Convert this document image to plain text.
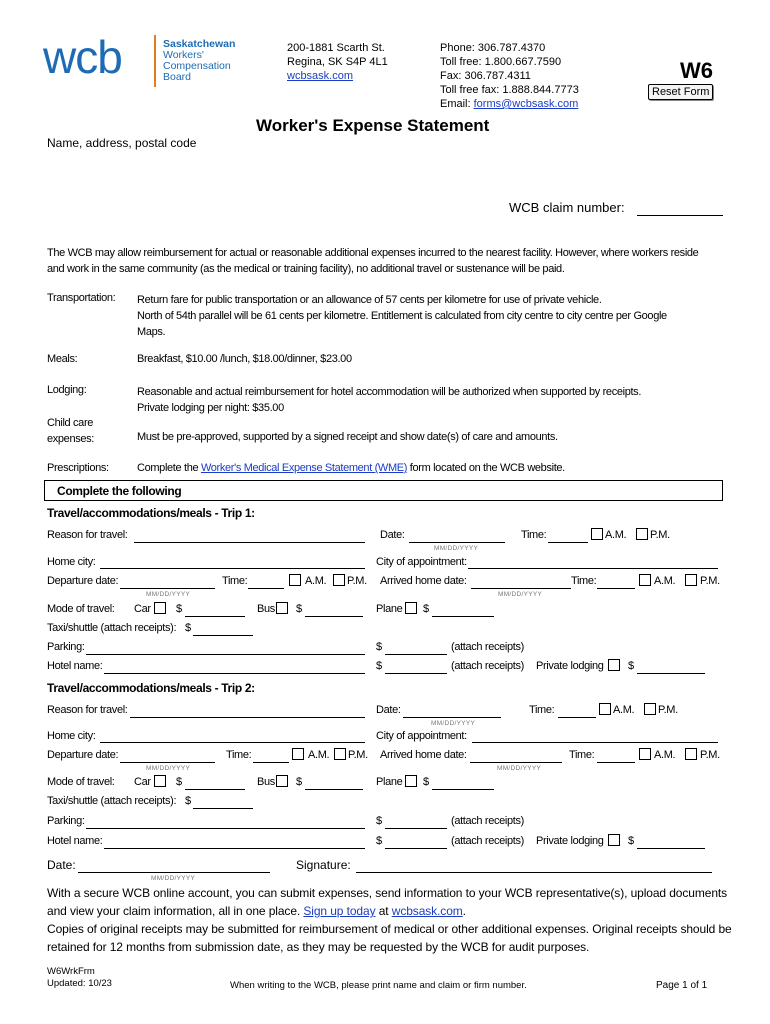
wcb	Saskatchewan
Workers'
Compensation
Board
200-1881 Scarth St.
Regina, SK S4P 4L1
wcbsask.com
Phone: 306.787.4370
Toll free: 1.800.667.7590
Fax: 306.787.4311
Toll free fax: 1.888.844.7773
Email: forms@wcbsask.com
W6
Reset Form
Worker's Expense Statement
Name, address, postal code
WCB claim number:
The WCB may allow reimbursement for actual or reasonable additional expenses incurred to the nearest facility. However, where workers reside
and work in the same community (as the medical or training facility), no additional travel or sustenance will be paid.
Transportation: Return fare for public transportation or an allowance of 57 cents per kilometre for use of private vehicle.
North of 54th parallel will be 61 cents per kilometre. Entitlement is calculated from city centre to city centre per Google
Maps.
Meals:	Breakfast, $10.00 /lunch, $18.00/dinner, $23.00
Lodging:	Reasonable and actual reimbursement for hotel accommodation will be authorized when supported by receipts.
Private lodging per night: $35.00
Child care
expenses:	Must be pre-approved, supported by a signed receipt and show date(s) of care and amounts.
Prescriptions:	Complete the Worker's Medical Expense Statement (WME) form located on the WCB website.
Complete the following
Travel/accommodations/meals - Trip 1:
Reason for travel:	Date:
MM/DD/YYYY
Time:	A.M. P.M.
Home city:	City of appointment:
Departure date:
MM/DD/YYYY
Time:	A.M. P.M. Arrived home date:
MM/DD/YYYY
Time:	A.M. P.M.
Mode of travel: Car $	Bus $	Plane $
Taxi/shuttle (attach receipts): $
Parking:	$	(attach receipts)
Hotel name:	$	(attach receipts) Private lodging $
Travel/accommodations/meals - Trip 2:
Reason for travel:	Date:
MM/DD/YYYY
Time:	A.M. P.M.
Home city:	City of appointment:
Departure date:
MM/DD/YYYY
Time:	A.M. P.M. Arrived home date:
MM/DD/YYYY
Time:	A.M. P.M.
Mode of travel: Car $	Bus $	Plane $
Taxi/shuttle (attach receipts): $
Parking:	$	(attach receipts)
Hotel name:	$	(attach receipts) Private lodging $
Date:
MM/DD/YYYY
Signature:
With a secure WCB online account, you can submit expenses, send information to your WCB representative(s), upload documents
and view your claim information, all in one place. Sign up today at wcbsask.com.
Copies of original receipts may be submitted for reimbursement of medical or other additional expenses. Original receipts should be
retained for 12 months from submission date, as they may be requested by the WCB for audit purposes.
W6WrkFrm
Updated: 10/23	When writing to the WCB, please print name and claim or firm number.	Page 1 of 1
